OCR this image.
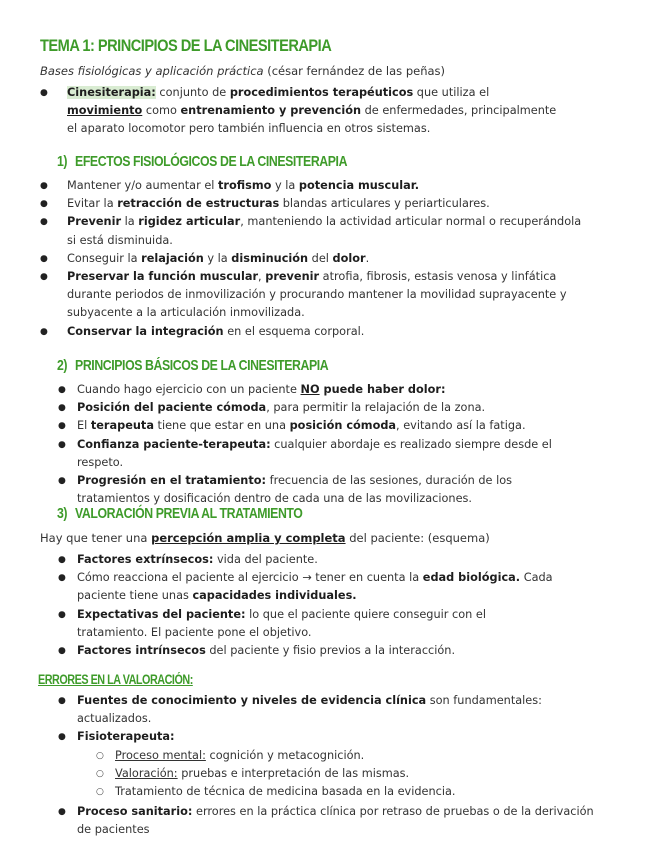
TEMA 1: PRINCIPIOS DE LA CINESITERAPIA
Bases fisiológicas y aplicación práctica (césar fernández de las peñas)
● Cinesiterapia: conjunto de procedimientos terapéuticos que utiliza el movimiento como entrenamiento y prevención de enfermedades, principalmente el aparato locomotor pero también influencia en otros sistemas.
1) EFECTOS FISIOLÓGICOS DE LA CINESITERAPIA
● Mantener y/o aumentar el trofismo y la potencia muscular.
● Evitar la retracción de estructuras blandas articulares y periarticulares.
● Prevenir la rigidez articular, manteniendo la actividad articular normal o recuperándola si está disminuida.
● Conseguir la relajación y la disminución del dolor.
● Preservar la función muscular, prevenir atrofia, fibrosis, estasis venosa y linfática durante periodos de inmovilización y procurando mantener la movilidad suprayacente y subyacente a la articulación inmovilizada.
● Conservar la integración en el esquema corporal.
2) PRINCIPIOS BÁSICOS DE LA CINESITERAPIA
● Cuando hago ejercicio con un paciente NO puede haber dolor:
● Posición del paciente cómoda, para permitir la relajación de la zona.
● El terapeuta tiene que estar en una posición cómoda, evitando así la fatiga.
● Confianza paciente-terapeuta: cualquier abordaje es realizado siempre desde el respeto.
● Progresión en el tratamiento: frecuencia de las sesiones, duración de los tratamientos y dosificación dentro de cada una de las movilizaciones.
3) VALORACIÓN PREVIA AL TRATAMIENTO
Hay que tener una percepción amplia y completa del paciente: (esquema)
● Factores extrínsecos: vida del paciente.
● Cómo reacciona el paciente al ejercicio → tener en cuenta la edad biológica. Cada paciente tiene unas capacidades individuales.
● Expectativas del paciente: lo que el paciente quiere conseguir con el tratamiento. El paciente pone el objetivo.
● Factores intrínsecos del paciente y fisio previos a la interacción.
ERRORES EN LA VALORACIÓN:
● Fuentes de conocimiento y niveles de evidencia clínica son fundamentales: actualizados.
● Fisioterapeuta:
○ Proceso mental: cognición y metacognición.
○ Valoración: pruebas e interpretación de las mismas.
○ Tratamiento de técnica de medicina basada en la evidencia.
● Proceso sanitario: errores en la práctica clínica por retraso de pruebas o de la derivación de pacientes
